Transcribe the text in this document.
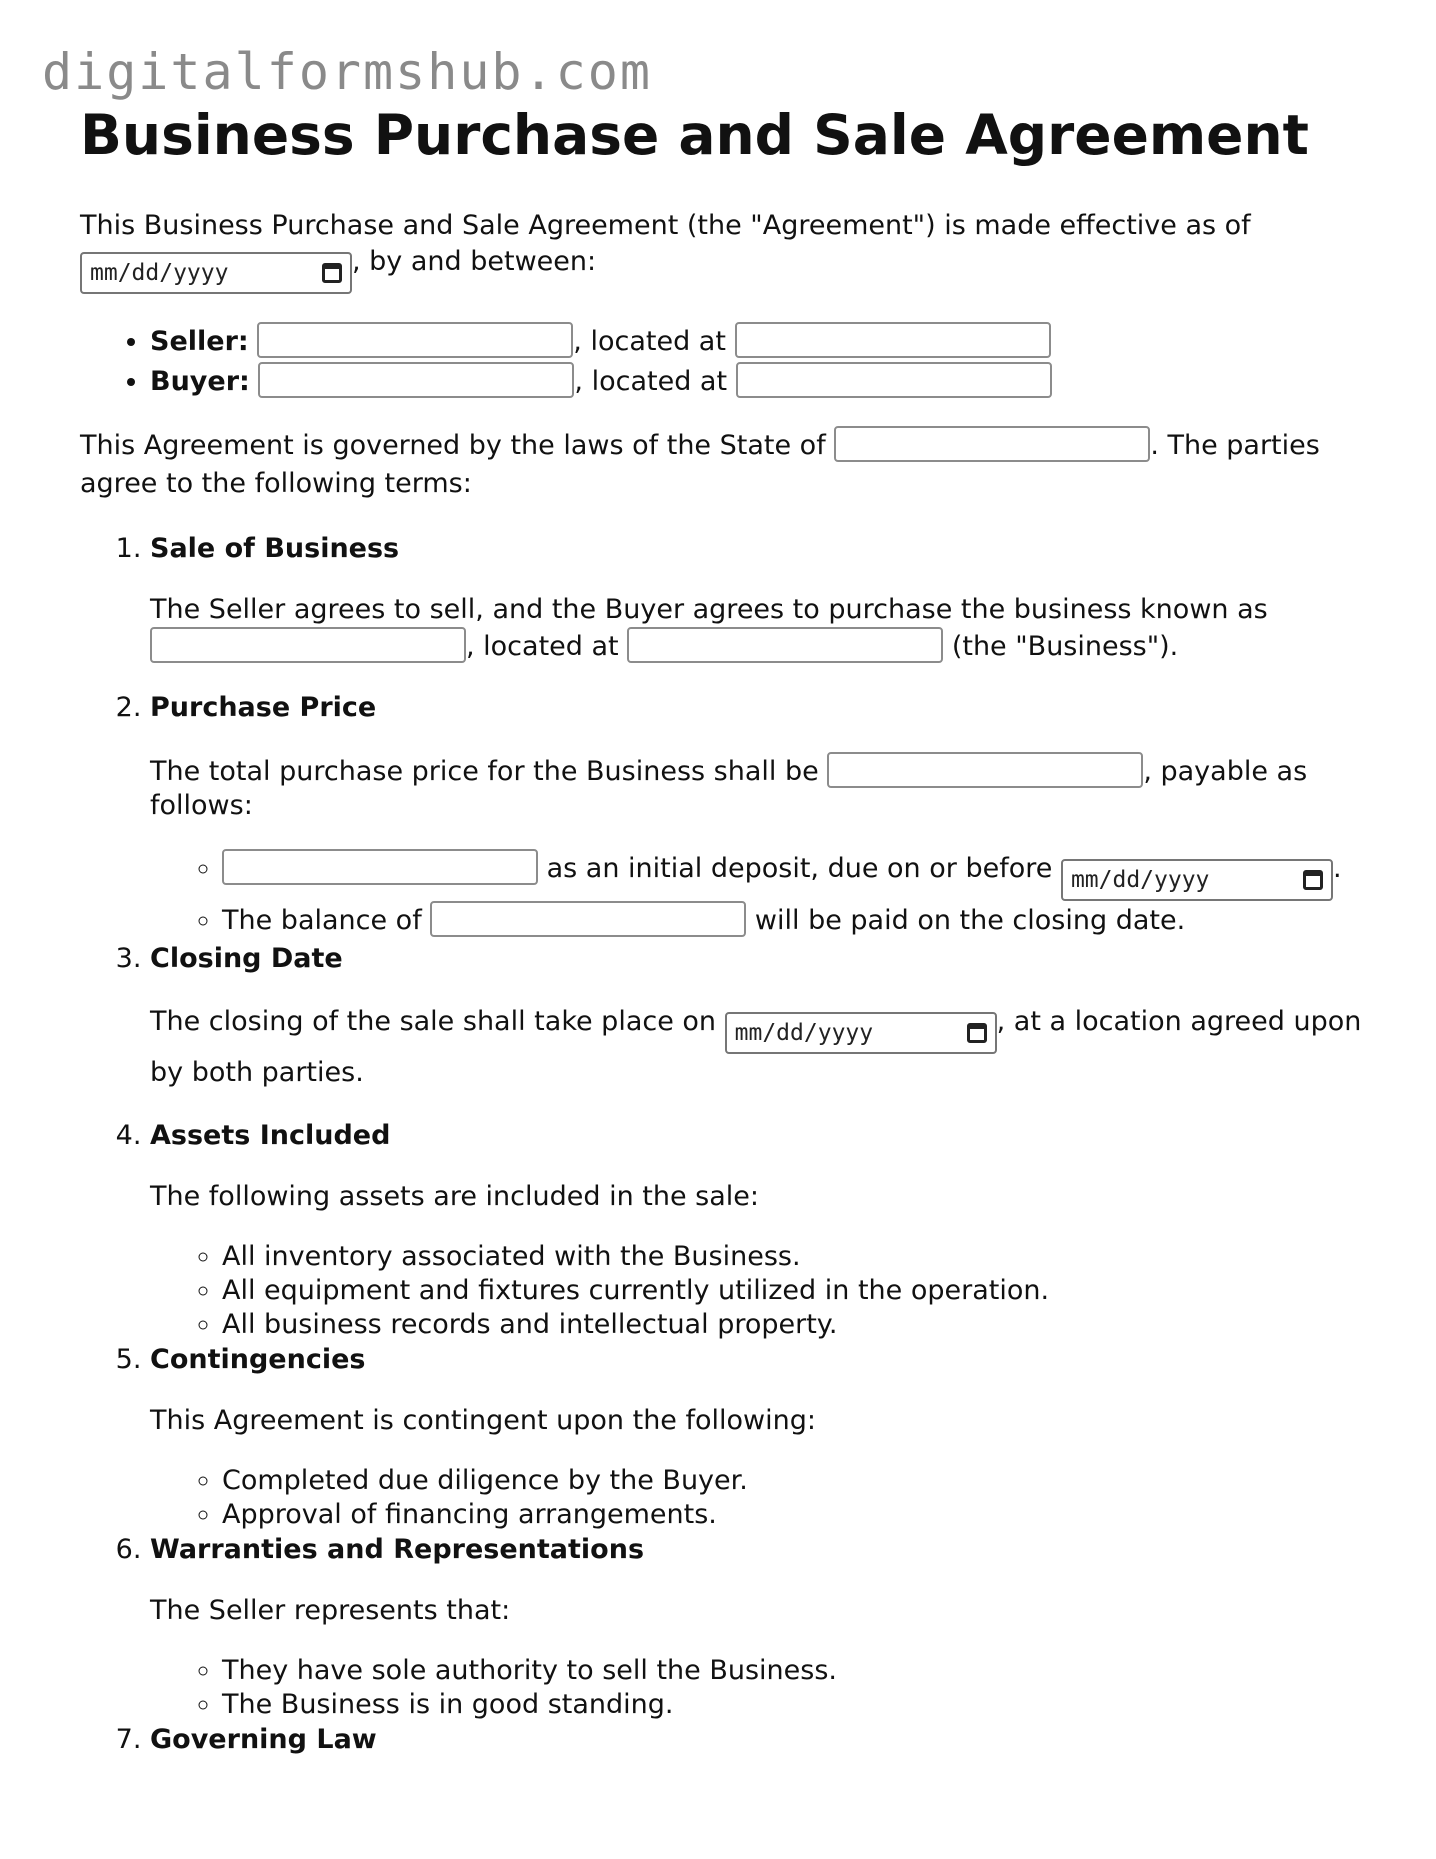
digitalformshub.com
Business Purchase and Sale Agreement

This Business Purchase and Sale Agreement (the "Agreement") is made effective as of

mm/dd/yyyy	, by and between:

• Seller:	, located at
• Buyer:	, located at

This Agreement is governed by the laws of the State of	. The parties agree to the following terms:

1. Sale of Business

The Seller agrees to sell, and the Buyer agrees to purchase the business known as
, located at	(the "Business").

2. Purchase Price

The total purchase price for the Business shall be	, payable as follows:

◦ as an initial deposit, due on or before mm/dd/yyyy	.
◦ The balance of	will be paid on the closing date.
3. Closing Date

The closing of the sale shall take place on mm/dd/yyyy	, at a location agreed upon by both parties.

4. Assets Included

The following assets are included in the sale:

◦ All inventory associated with the Business.
◦ All equipment and fixtures currently utilized in the operation.
◦ All business records and intellectual property.
5. Contingencies

This Agreement is contingent upon the following:

◦ Completed due diligence by the Buyer.
◦ Approval of financing arrangements.
6. Warranties and Representations

The Seller represents that:

◦ They have sole authority to sell the Business.
◦ The Business is in good standing.
7. Governing Law
